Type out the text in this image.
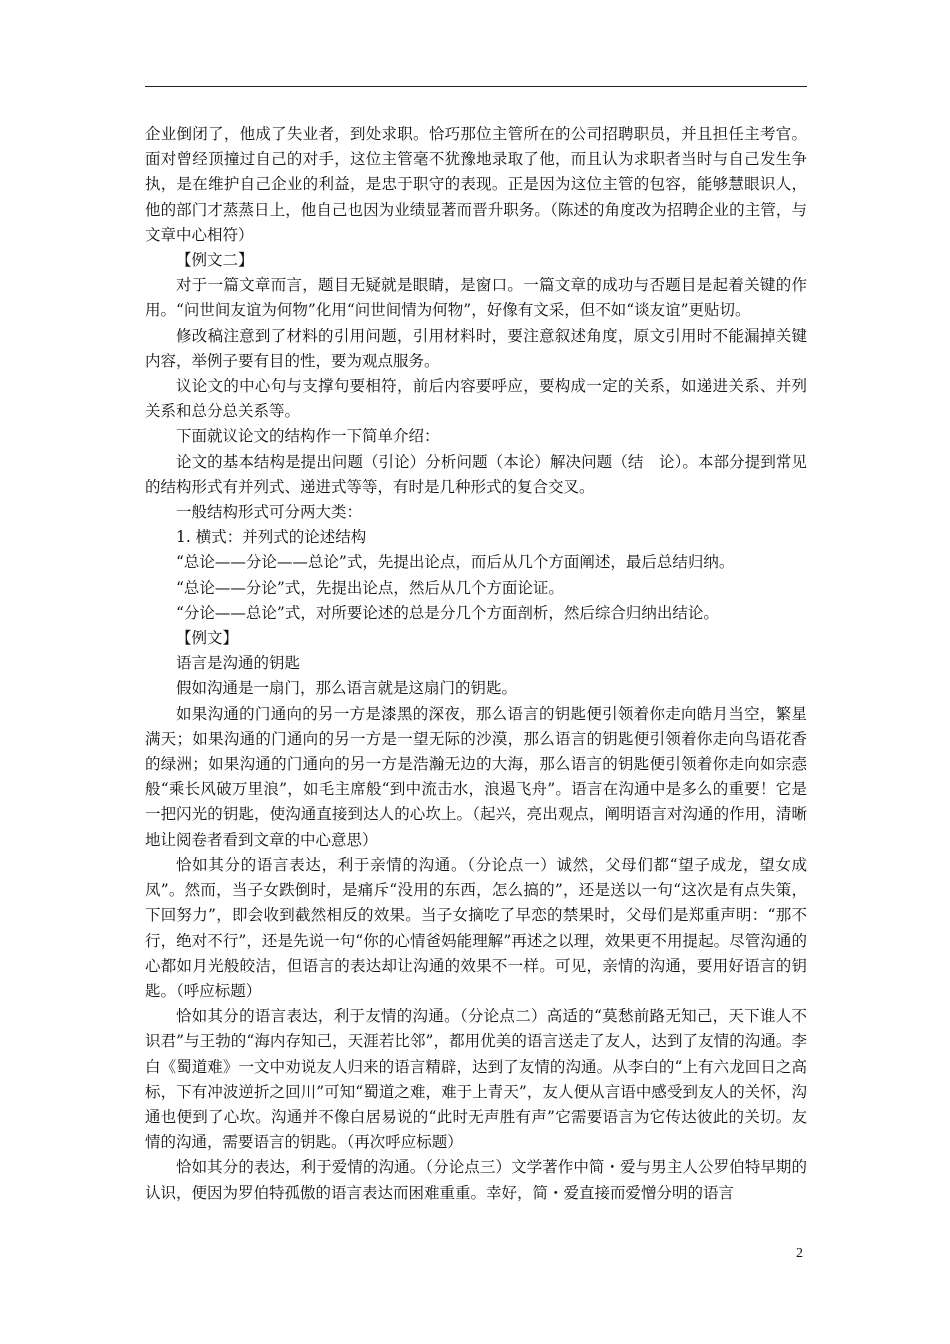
企业倒闭了，他成了失业者，到处求职。恰巧那位主管所在的公司招聘职员，并且担任主考官。面对曾经顶撞过自己的对手，这位主管毫不犹豫地录取了他，而且认为求职者当时与自己发生争执，是在维护自己企业的利益，是忠于职守的表现。正是因为这位主管的包容，能够慧眼识人，他的部门才蒸蒸日上，他自己也因为业绩显著而晋升职务。（陈述的角度改为招聘企业的主管，与文章中心相符）

【例文二】

对于一篇文章而言，题目无疑就是眼睛，是窗口。一篇文章的成功与否题目是起着关键的作用。“问世间友谊为何物”化用“问世间情为何物”，好像有文采，但不如“谈友谊”更贴切。

修改稿注意到了材料的引用问题，引用材料时，要注意叙述角度，原文引用时不能漏掉关键内容，举例子要有目的性，要为观点服务。

议论文的中心句与支撑句要相符，前后内容要呼应，要构成一定的关系，如递进关系、并列关系和总分总关系等。

下面就议论文的结构作一下简单介绍：

论文的基本结构是提出问题（引论）分析问题（本论）解决问题（结　论）。本部分提到常见的结构形式有并列式、递进式等等，有时是几种形式的复合交叉。

一般结构形式可分两大类：

1. 横式：并列式的论述结构

“总论——分论——总论”式，先提出论点，而后从几个方面阐述，最后总结归纳。

“总论——分论”式，先提出论点，然后从几个方面论证。

“分论——总论”式，对所要论述的总是分几个方面剖析，然后综合归纳出结论。

【例文】

语言是沟通的钥匙

假如沟通是一扇门，那么语言就是这扇门的钥匙。

如果沟通的门通向的另一方是漆黑的深夜，那么语言的钥匙便引领着你走向皓月当空，繁星满天；如果沟通的门通向的另一方是一望无际的沙漠，那么语言的钥匙便引领着你走向鸟语花香的绿洲；如果沟通的门通向的另一方是浩瀚无边的大海，那么语言的钥匙便引领着你走向如宗悫般“乘长风破万里浪”，如毛主席般“到中流击水，浪遏飞舟”。语言在沟通中是多么的重要！它是一把闪光的钥匙，使沟通直接到达人的心坎上。（起兴，亮出观点，阐明语言对沟通的作用，清晰地让阅卷者看到文章的中心意思）

恰如其分的语言表达，利于亲情的沟通。（分论点一）诚然，父母们都“望子成龙，望女成凤”。然而，当子女跌倒时，是痛斥“没用的东西，怎么搞的”，还是送以一句“这次是有点失策，下回努力”，即会收到截然相反的效果。当子女摘吃了早恋的禁果时，父母们是郑重声明：“那不行，绝对不行”，还是先说一句“你的心情爸妈能理解”再述之以理，效果更不用提起。尽管沟通的心都如月光般皎洁，但语言的表达却让沟通的效果不一样。可见，亲情的沟通，要用好语言的钥匙。（呼应标题）

恰如其分的语言表达，利于友情的沟通。（分论点二）高适的“莫愁前路无知己，天下谁人不识君”与王勃的“海内存知己，天涯若比邻”，都用优美的语言送走了友人，达到了友情的沟通。李白《蜀道难》一文中劝说友人归来的语言精辟，达到了友情的沟通。从李白的“上有六龙回日之高标，下有冲波逆折之回川”可知“蜀道之难，难于上青天”，友人便从言语中感受到友人的关怀，沟通也便到了心坎。沟通并不像白居易说的“此时无声胜有声”它需要语言为它传达彼此的关切。友情的沟通，需要语言的钥匙。（再次呼应标题）

恰如其分的表达，利于爱情的沟通。（分论点三）文学著作中简・爱与男主人公罗伯特早期的认识，便因为罗伯特孤傲的语言表达而困难重重。幸好，简・爱直接而爱憎分明的语言

2
